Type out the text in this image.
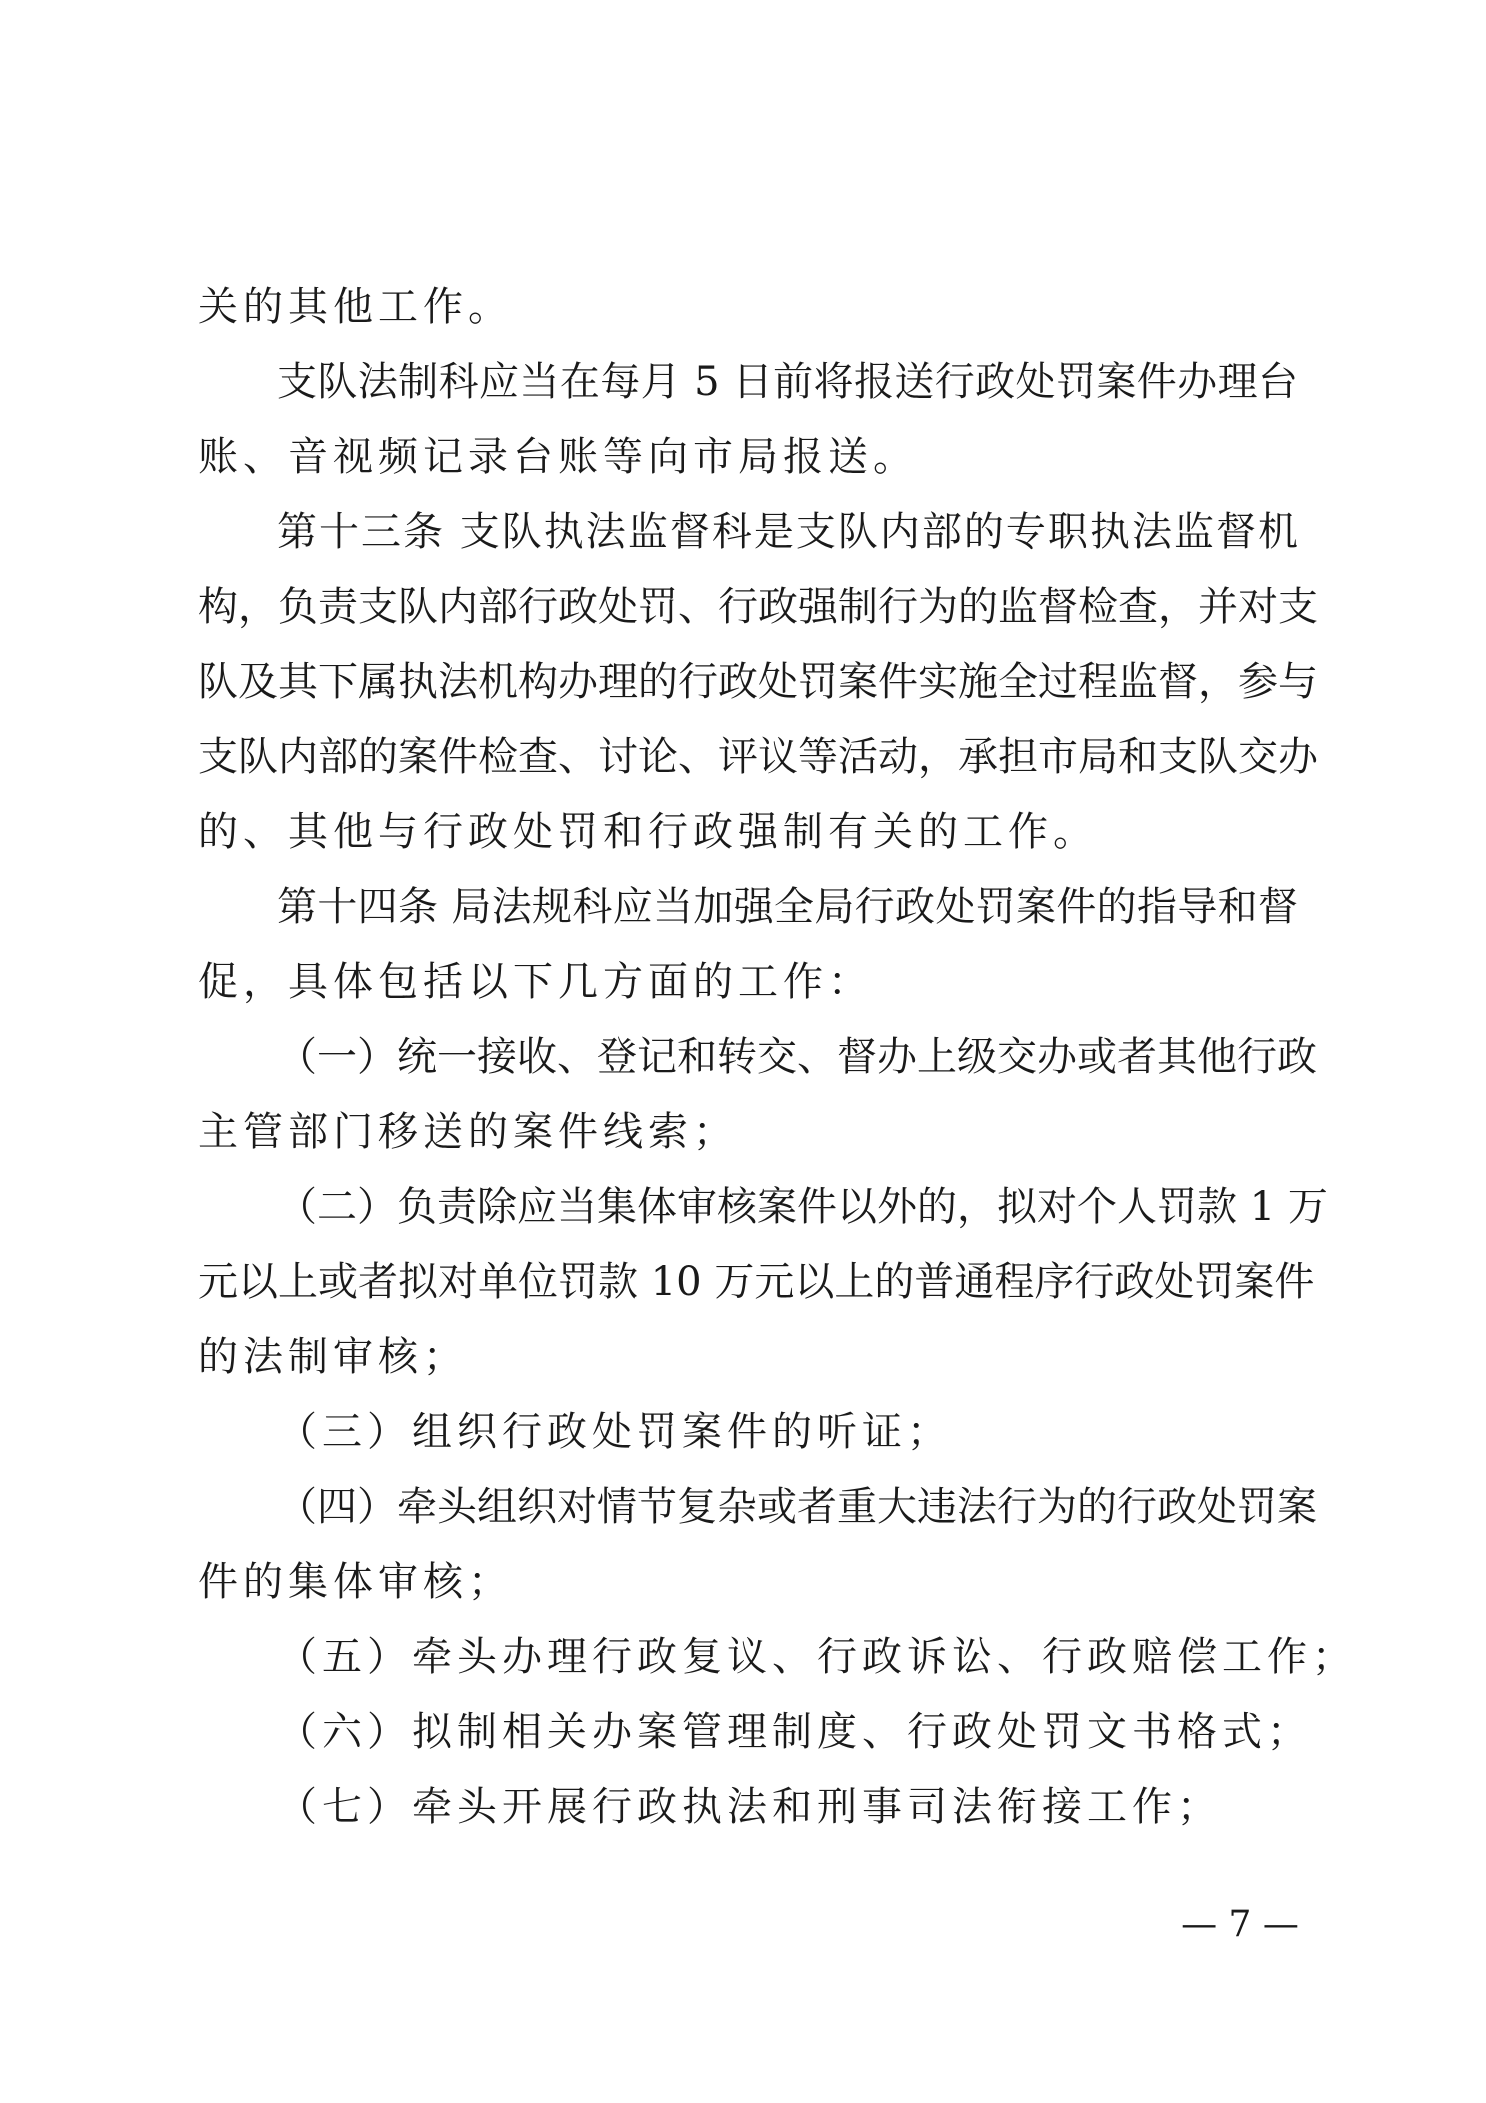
关的其他工作。
支队法制科应当在每月 5 日前将报送行政处罚案件办理台
账、音视频记录台账等向市局报送。
第十三条 支队执法监督科是支队内部的专职执法监督机
构，负责支队内部行政处罚、行政强制行为的监督检查，并对支
队及其下属执法机构办理的行政处罚案件实施全过程监督，参与
支队内部的案件检查、讨论、评议等活动，承担市局和支队交办
的、其他与行政处罚和行政强制有关的工作。
第十四条 局法规科应当加强全局行政处罚案件的指导和督
促，具体包括以下几方面的工作：
（一）统一接收、登记和转交、督办上级交办或者其他行政
主管部门移送的案件线索；
（二）负责除应当集体审核案件以外的，拟对个人罚款 1 万
元以上或者拟对单位罚款 10 万元以上的普通程序行政处罚案件
的法制审核；
（三）组织行政处罚案件的听证；
（四）牵头组织对情节复杂或者重大违法行为的行政处罚案
件的集体审核；
（五）牵头办理行政复议、行政诉讼、行政赔偿工作；
（六）拟制相关办案管理制度、行政处罚文书格式；
（七）牵头开展行政执法和刑事司法衔接工作；
— 7 —
